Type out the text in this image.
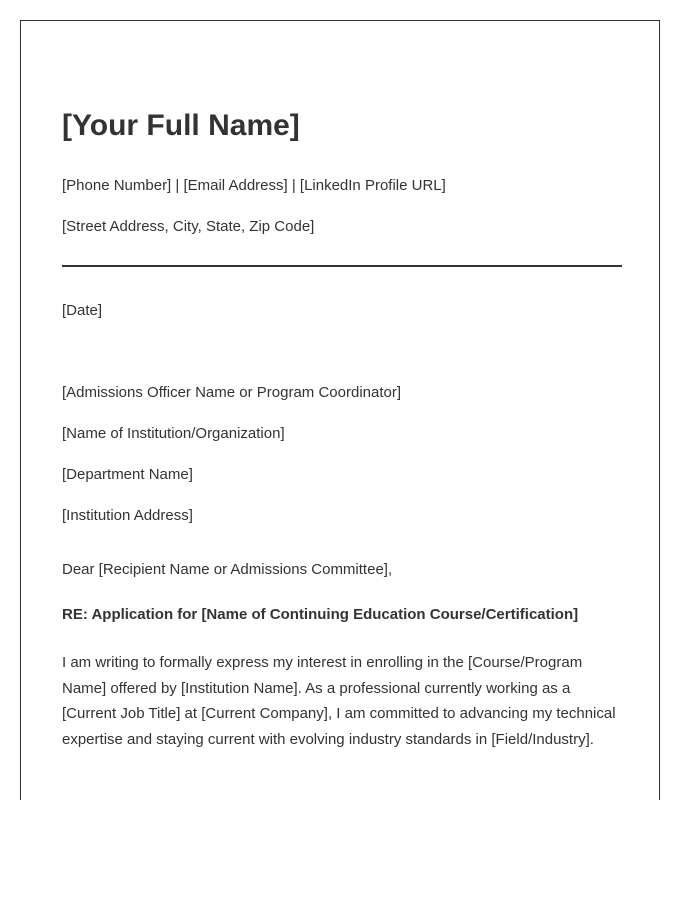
[Your Full Name]

[Phone Number] | [Email Address] | [LinkedIn Profile URL]

[Street Address, City, State, Zip Code]

[Date]

[Admissions Officer Name or Program Coordinator]

[Name of Institution/Organization]

[Department Name]

[Institution Address]

Dear [Recipient Name or Admissions Committee],

RE: Application for [Name of Continuing Education Course/Certification]

I am writing to formally express my interest in enrolling in the [Course/Program Name] offered by [Institution Name]. As a professional currently working as a [Current Job Title] at [Current Company], I am committed to advancing my technical expertise and staying current with evolving industry standards in [Field/Industry].
